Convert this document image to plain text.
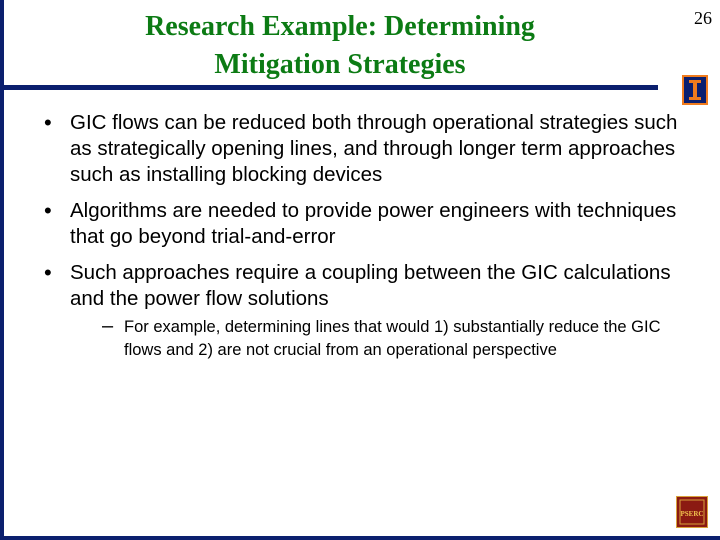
Research Example: Determining
Mitigation Strategies
26
• GIC flows can be reduced both through operational strategies such as strategically opening lines, and through longer term approaches such as installing blocking devices
• Algorithms are needed to provide power engineers with techniques that go beyond trial-and-error
• Such approaches require a coupling between the GIC calculations and the power flow solutions
– For example, determining lines that would 1) substantially reduce the GIC flows and 2) are not crucial from an operational perspective
PSERC
